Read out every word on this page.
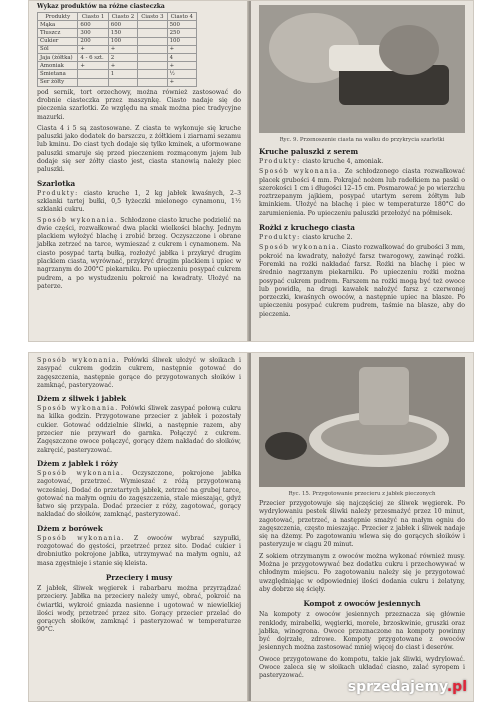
Wykaz produktów na różne ciasteczka
Produkty	Ciasto 1	Ciasto 2	Ciasto 3	Ciasto 4
Mąka	600	600		500
Tłuszcz	300	150		250
Cukier	200	100		100
Sól	+	+		+
Jaja (żółtka)	4 - 6 szt.	2		4
Amoniak	+	+		+
Śmietana		1		½
Ser żółty				+

pod sernik, tort orzechowy, można również zastosować do drobnie ciasteczka przez maszynkę. Ciasto nadaje się do pieczenia szarlotki. Ze względu na smak można piec tradycyjne mazurki.

Ciasta 4 i 5 są zastosowane. Z ciasta te wykonuje się kruche paluszki jako dodatek do barszczu, z żółtkiem i ziarnami sezamu lub kminu. Do ciast tych dodaje się tylko kminek, a uformowane paluszki smaruje się przed pieczeniem rozmąconym jajem lub dodaje się ser żółty ciasto jest, ciasta stanowią należy piec paluszki.

Szarlotka

Produkty: ciasto kruche 1, 2 kg jabłek kwaśnych, 2–3 szklanki tartej bułki, 0,5 łyżeczki mielonego cynamonu, 1½ szklanki cukru.

Sposób wykonania. Schłodzone ciasto kruche podzielić na dwie części, rozwałkować dwa placki wielkości blachy. Jednym plackiem wyłożyć blachę i zrobić brzeg. Oczyszczone i obrane jabłka zetrzeć na tarce, wymieszać z cukrem i cynamonem. Na ciasto posypać tartą bułką, rozłożyć jabłka i przykryć drugim plackiem ciasta, wyrównać, przykryć drugim plackiem i upiec w nagrzanym do 200°C piekarniku. Po upieczeniu posypać cukrem pudrem, a po wystudzeniu pokroić na kwadraty. Ułożyć na paterze.

Ryc. 9. Przenoszenie ciasta na wałku do przykrycia szarlotki
Kruche paluszki z serem

Produkty: ciasto kruche 4, amoniak.

Sposób wykonania. Ze schłodzonego ciasta rozwałkować placek grubości 4 mm. Pokrajać nożem lub radełkiem na paski o szerokości 1 cm i długości 12–15 cm. Posmarować je po wierzchu roztrzepanym jajkiem, posypać utartym serem żółtym lub kminkiem. Ułożyć na blachę i piec w temperaturze 180°C do zarumienienia. Po upieczeniu paluszki przełożyć na półmisek.

Rożki z kruchego ciasta

Produkty: ciasto kruche 2.

Sposób wykonania. Ciasto rozwałkować do grubości 3 mm, pokroić na kwadraty, nałożyć farsz twarogowy, zawinąć rożki. Foremki na rożki nakładać farsz. Rożki na blachę i piec w średnio nagrzanym piekarniku. Po upieczeniu rożki można posypać cukrem pudrem. Farszem na rożki mogą być też owoce lub powidła, na drugi kawałek nałożyć farsz z czerwonej porzeczki, kwaśnych owoców, a następnie upiec na blasze. Po upieczeniu posypać cukrem pudrem, taśmie na blasze, aby do pieczenia.

Sposób wykonania. Połówki śliwek ułożyć w słoikach i zasypać cukrem godzin cukrem, następnie gotować do zagęszczenia, następnie gorące do przygotowanych słoików i zamknąć, pasteryzować.

Dżem z śliwek i jabłek

Sposób wykonania. Połówki śliwek zasypać połową cukru na kilka godzin. Przygotowane przecier z jabłek i pozostały cukier. Gotować oddzielnie śliwki, a następnie razem, aby przecier nie przywarł do garnka. Połączyć z cukrem. Zagęszczone owoce połączyć, gorący dżem nakładać do słoików, zakręcić, pasteryzować.

Dżem z jabłek i róży

Sposób wykonania. Oczyszczone, pokrojone jabłka zagotować, przetrzeć. Wymieszać z różą przygotowaną wcześniej. Dodać do przetartych jabłek, zetrzeć na grubej tarce, gotować na małym ogniu do zagęszczenia, stale mieszając, gdyż łatwo się przypala. Dodać przecier z róży, zagotować, gorący nakładać do słoików, zamknąć, pasteryzować.

Dżem z borówek

Sposób wykonania. Z owoców wybrać szypułki, rozgotować do gęstości, przetrzeć przez sito. Dodać cukier i drobniutko pokrojone jabłka, utrzymywać na małym ogniu, aż masa zgęstnieje i stanie się kleista.

Przeciery i musy

Z jabłek, śliwek węgierek i rabarbaru można przyrządzać przeciery. Jabłka na przeciery należy umyć, obrać, pokroić na ćwiartki, wykroić gniazda nasienne i ugotować w niewielkiej ilości wody, przetrzeć przez sito. Gorący przecier przelać do gorących słoików, zamknąć i pasteryzować w temperaturze 90°C.

Ryc. 15. Przygotowanie przecieru z jabłek pieczonych

Przecier przygotowuje się najczęściej ze śliwek węgierek. Po wydrylowaniu pestek śliwki należy przesmażyć przez 10 minut, zagotować, przetrzeć, a następnie smażyć na małym ogniu do zagęszczenia, często mieszając. Przecier z jabłek i śliwek nadaje się na dżemy. Po zagotowaniu wlewa się do gorących słoików i pasteryzuje w ciągu 20 minut.

Z sokiem otrzymanym z owoców można wykonać również musy. Można je przygotowywać bez dodatku cukru i przechowywać w chłodnym miejscu. Po zagotowaniu należy się je przygotować uwzględniając w odpowiedniej ilości dodania cukru i żelatyny, aby dobrze się ścięły.

Kompot z owoców jesiennych

Na kompoty z owoców jesiennych przeznacza się głównie renklody, mirabelki, węgierki, morele, brzoskwinie, gruszki oraz jabłka, winogrona. Owoce przeznaczone na kompoty powinny być dojrzałe, zdrowe. Kompoty przygotowane z owoców jesiennych można zastosować mniej więcej do ciast i deserów.

Owoce przygotowane do kompotu, takie jak śliwki, wydrylować. Owoce zaleca się w słoikach układać ciasno, zalać syropem i pasteryzować.

sprzedajemy.pl
